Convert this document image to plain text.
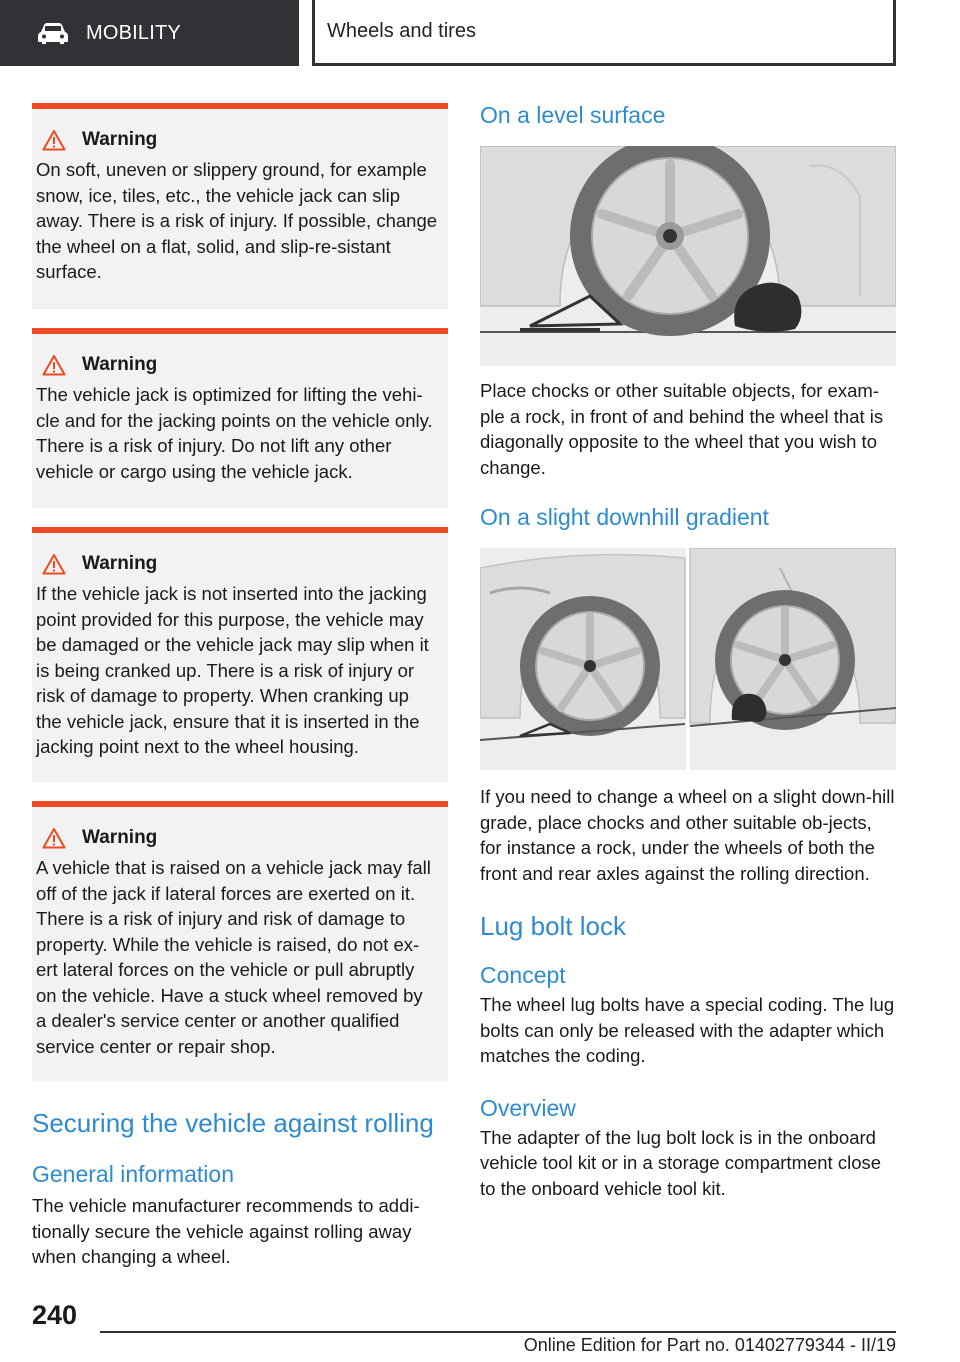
MOBILITY	Wheels and tires
Warning

On soft, uneven or slippery ground, for example snow, ice, tiles, etc., the vehicle jack can slip away. There is a risk of injury. If possible, change the wheel on a flat, solid, and slip-re-sistant surface.

Warning

The vehicle jack is optimized for lifting the vehi-cle and for the jacking points on the vehicle only. There is a risk of injury. Do not lift any other vehicle or cargo using the vehicle jack.

Warning

If the vehicle jack is not inserted into the jacking point provided for this purpose, the vehicle may be damaged or the vehicle jack may slip when it is being cranked up. There is a risk of injury or risk of damage to property. When cranking up the vehicle jack, ensure that it is inserted in the jacking point next to the wheel housing.

Warning

A vehicle that is raised on a vehicle jack may fall off of the jack if lateral forces are exerted on it. There is a risk of injury and risk of damage to property. While the vehicle is raised, do not ex-ert lateral forces on the vehicle or pull abruptly on the vehicle. Have a stuck wheel removed by a dealer's service center or another qualified service center or repair shop.

Securing the vehicle against rolling
General information

The vehicle manufacturer recommends to addi-tionally secure the vehicle against rolling away when changing a wheel.

On a level surface

Place chocks or other suitable objects, for exam-ple a rock, in front of and behind the wheel that is diagonally opposite to the wheel that you wish to change.

On a slight downhill gradient

If you need to change a wheel on a slight down-hill grade, place chocks and other suitable ob-jects, for instance a rock, under the wheels of both the front and rear axles against the rolling direction.

Lug bolt lock
Concept

The wheel lug bolts have a special coding. The lug bolts can only be released with the adapter which matches the coding.

Overview

The adapter of the lug bolt lock is in the onboard vehicle tool kit or in a storage compartment close to the onboard vehicle tool kit.

240
Online Edition for Part no. 01402779344 - II/19
